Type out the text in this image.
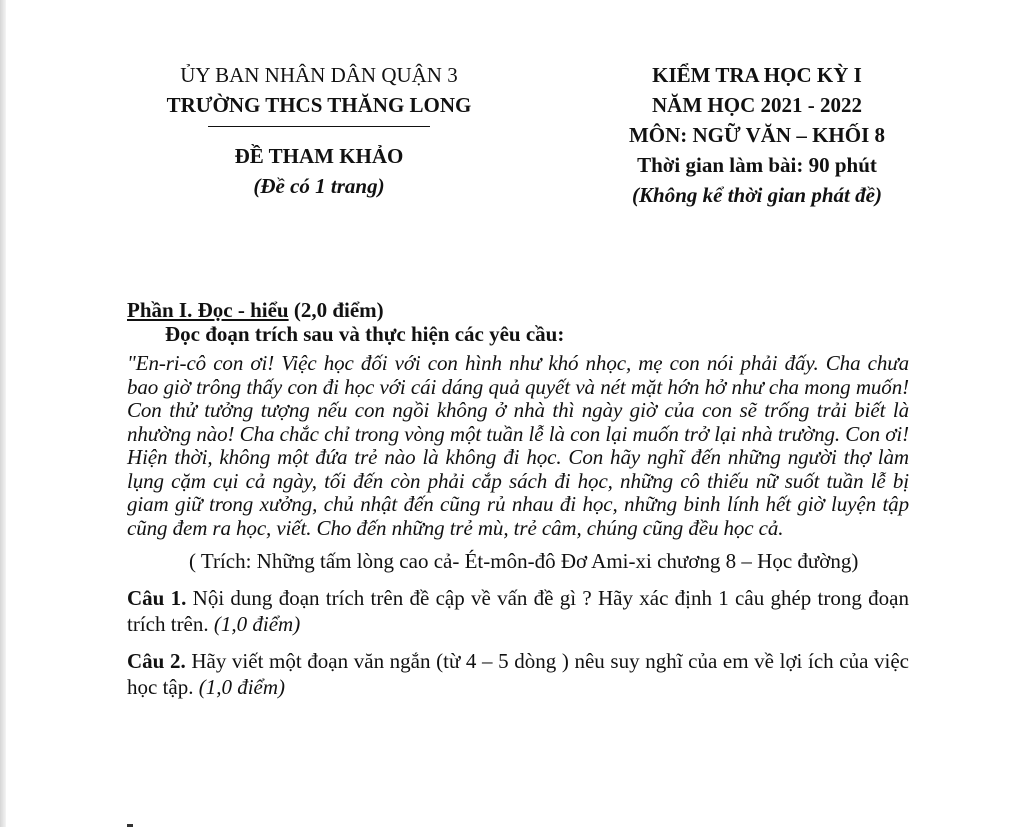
ỦY BAN NHÂN DÂN QUẬN 3
TRƯỜNG THCS THĂNG LONG
ĐỀ THAM KHẢO
(Đề có 1 trang)
KIỂM TRA HỌC KỲ I
NĂM HỌC 2021 - 2022
MÔN: NGỮ VĂN – KHỐI 8
Thời gian làm bài: 90 phút
(Không kể thời gian phát đề)

Phần I. Đọc - hiểu (2,0 điểm)

Đọc đoạn trích sau và thực hiện các yêu cầu:

"En-ri-cô con ơi! Việc học đối với con hình như khó nhọc, mẹ con nói phải đấy. Cha chưa bao giờ trông thấy con đi học với cái dáng quả quyết và nét mặt hớn hở như cha mong muốn! Con thử tưởng tượng nếu con ngồi không ở nhà thì ngày giờ của con sẽ trống trải biết là nhường nào! Cha chắc chỉ trong vòng một tuần lễ là con lại muốn trở lại nhà trường. Con ơi! Hiện thời, không một đứa trẻ nào là không đi học. Con hãy nghĩ đến những người thợ làm lụng cặm cụi cả ngày, tối đến còn phải cắp sách đi học, những cô thiếu nữ suốt tuần lễ bị giam giữ trong xưởng, chủ nhật đến cũng rủ nhau đi học, những binh lính hết giờ luyện tập cũng đem ra học, viết. Cho đến những trẻ mù, trẻ câm, chúng cũng đều học cả.

( Trích: Những tấm lòng cao cả- Ét-môn-đô Đơ Ami-xi chương 8 – Học đường)

Câu 1. Nội dung đoạn trích trên đề cập về vấn đề gì ? Hãy xác định 1 câu ghép trong đoạn trích trên. (1,0 điểm)

Câu 2. Hãy viết một đoạn văn ngắn (từ 4 – 5 dòng ) nêu suy nghĩ của em về lợi ích của việc học tập. (1,0 điểm)
